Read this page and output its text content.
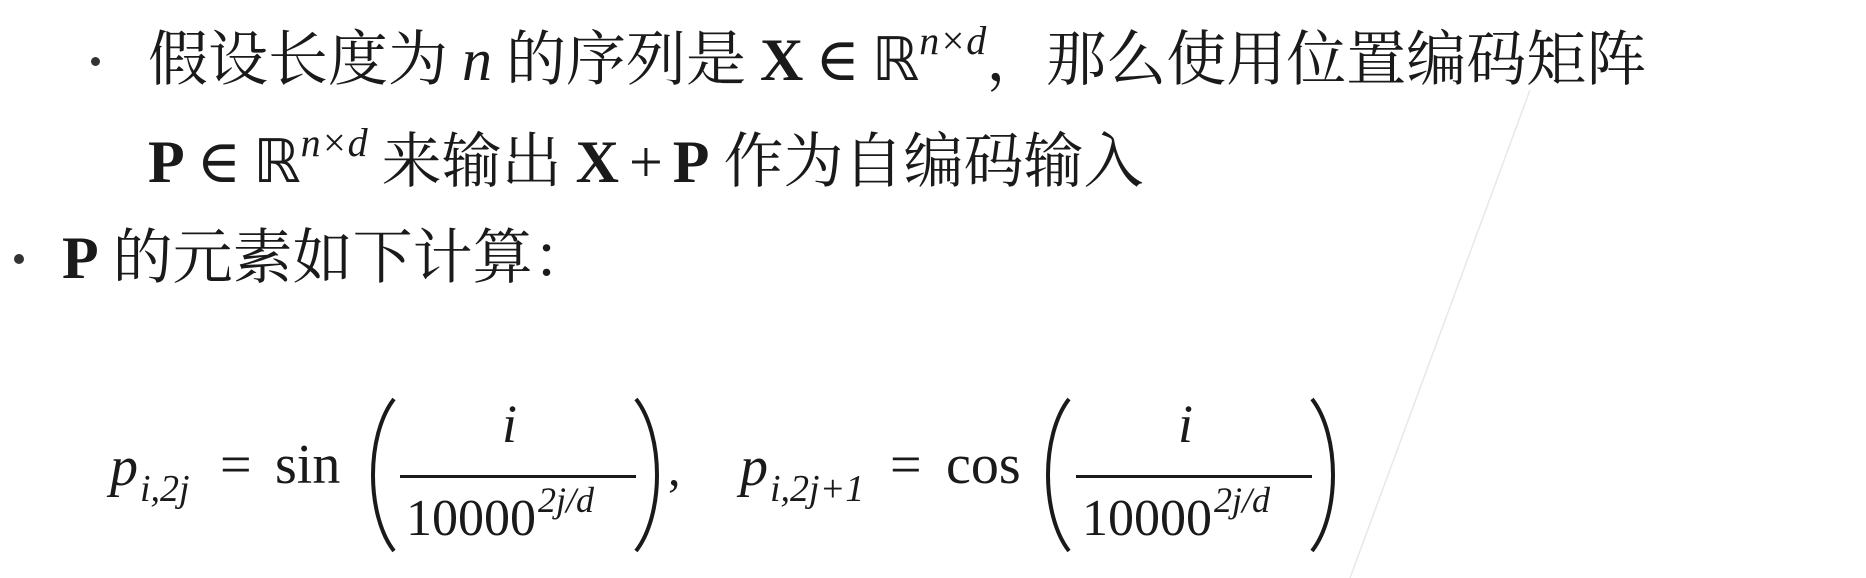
假设长度为 n 的序列是 X ∈ ℝ n×d ，那么使用位置编码矩阵
P ∈ ℝ n×d 来输出 X + P 作为自编码输入
P 的元素如下计算：
p i,2j = sin
i
10000 2j/d
, p i,2j+1 = cos
i
10000 2j/d
